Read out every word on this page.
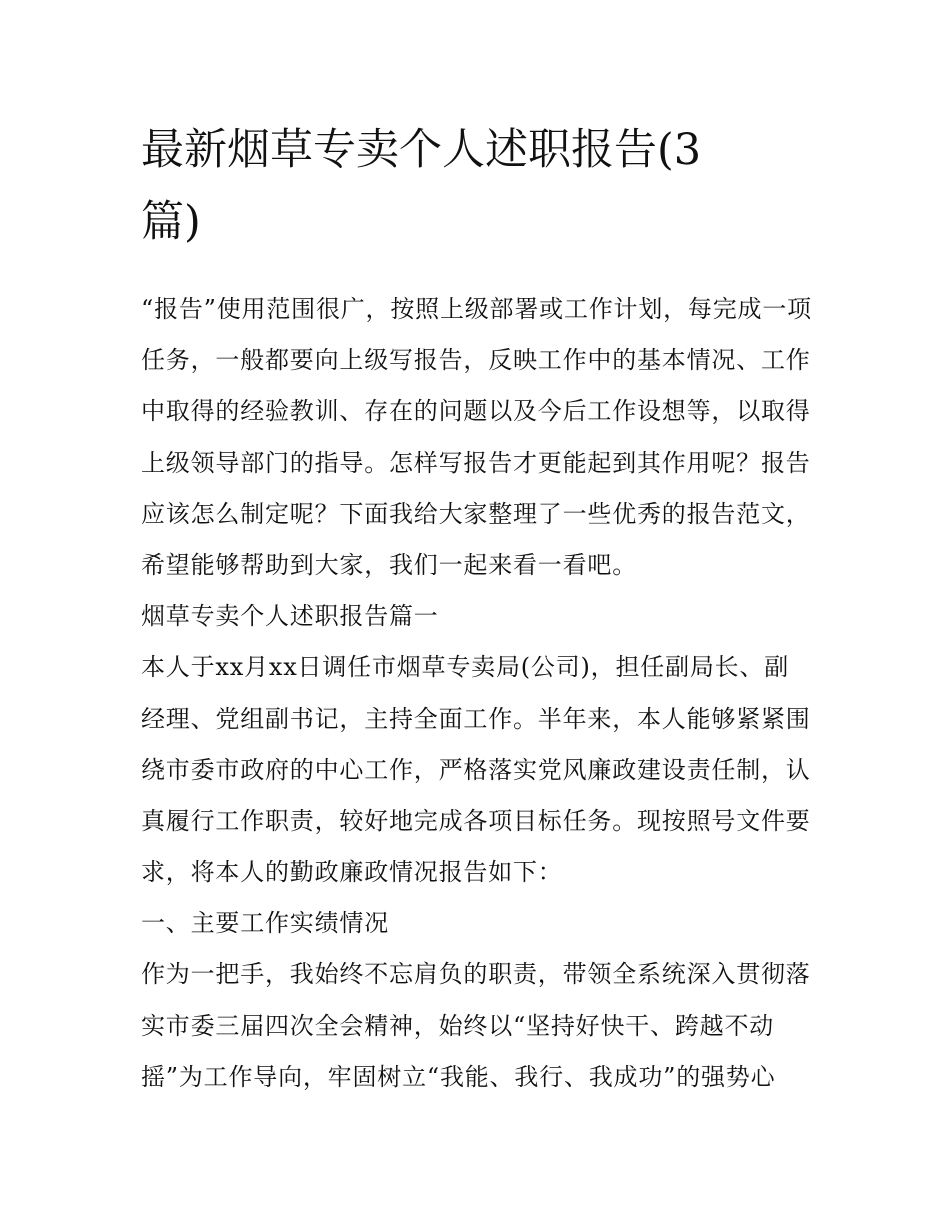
最新烟草专卖个人述职报告(3
篇)
“报告”使用范围很广，按照上级部署或工作计划，每完成一项
任务，一般都要向上级写报告，反映工作中的基本情况、工作
中取得的经验教训、存在的问题以及今后工作设想等，以取得
上级领导部门的指导。怎样写报告才更能起到其作用呢？报告
应该怎么制定呢？下面我给大家整理了一些优秀的报告范文，
希望能够帮助到大家，我们一起来看一看吧。
烟草专卖个人述职报告篇一
本人于xx月xx日调任市烟草专卖局(公司)，担任副局长、副
经理、党组副书记，主持全面工作。半年来，本人能够紧紧围
绕市委市政府的中心工作，严格落实党风廉政建设责任制，认
真履行工作职责，较好地完成各项目标任务。现按照号文件要
求，将本人的勤政廉政情况报告如下：
一、主要工作实绩情况
作为一把手，我始终不忘肩负的职责，带领全系统深入贯彻落
实市委三届四次全会精神，始终以“坚持好快干、跨越不动
摇”为工作导向，牢固树立“我能、我行、我成功”的强势心
